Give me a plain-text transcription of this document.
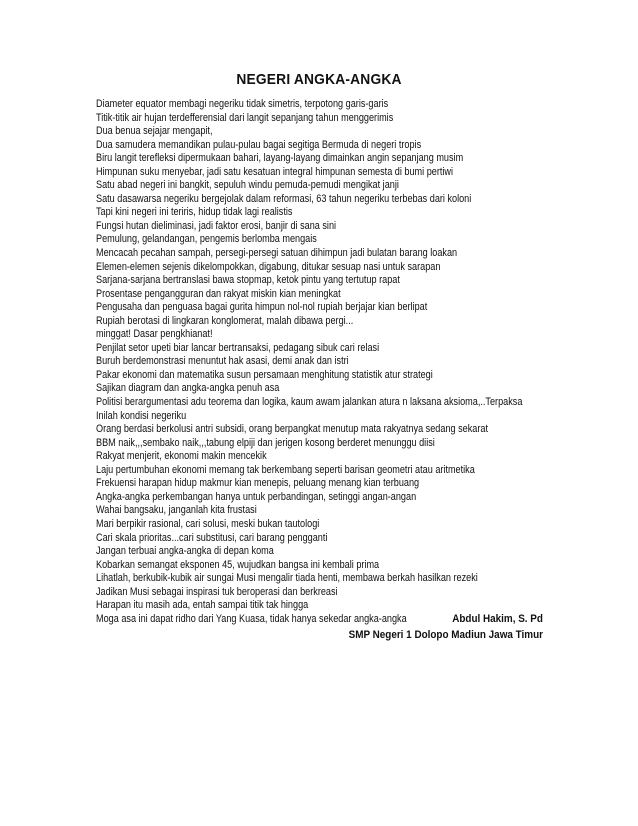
NEGERI ANGKA-ANGKA
Diameter equator membagi negeriku tidak simetris, terpotong garis-garis
Titik-titik air hujan terdefferensial dari langit sepanjang tahun menggerimis
Dua benua sejajar mengapit,
Dua samudera memandikan pulau-pulau bagai segitiga Bermuda di negeri tropis
Biru langit terefleksi dipermukaan bahari, layang-layang dimainkan angin sepanjang musim
Himpunan suku menyebar, jadi satu kesatuan integral himpunan semesta di bumi pertiwi
Satu abad negeri ini bangkit, sepuluh windu pemuda-pemudi mengikat janji
Satu dasawarsa negeriku bergejolak dalam reformasi, 63 tahun negeriku terbebas dari koloni
Tapi kini negeri ini teriris, hidup tidak lagi realistis
Fungsi hutan dieliminasi, jadi faktor erosi, banjir di sana sini
Pemulung, gelandangan, pengemis berlomba mengais
Mencacah pecahan sampah, persegi-persegi satuan dihimpun jadi bulatan barang loakan
Elemen-elemen sejenis dikelompokkan, digabung, ditukar sesuap nasi untuk sarapan
Sarjana-sarjana bertranslasi bawa stopmap, ketok pintu yang tertutup rapat
Prosentase pengangguran dan rakyat miskin kian meningkat
Pengusaha dan penguasa bagai gurita himpun nol-nol rupiah berjajar kian berlipat
Rupiah berotasi di lingkaran konglomerat, malah dibawa pergi...
minggat! Dasar pengkhianat!
Penjilat setor upeti biar lancar bertransaksi, pedagang sibuk cari relasi
Buruh berdemonstrasi menuntut hak asasi, demi anak dan istri
Pakar ekonomi dan matematika susun persamaan menghitung statistik atur strategi
Sajikan diagram dan angka-angka penuh asa
Politisi berargumentasi adu teorema dan logika, kaum awam jalankan atura n laksana aksioma,..Terpaksa
Inilah kondisi negeriku
Orang berdasi berkolusi antri subsidi, orang berpangkat menutup mata rakyatnya sedang sekarat
BBM naik,,,sembako naik,,,tabung elpiji dan jerigen kosong berderet menunggu diisi
Rakyat menjerit, ekonomi makin mencekik
Laju pertumbuhan ekonomi memang tak berkembang seperti barisan geometri atau aritmetika
Frekuensi harapan hidup makmur kian menepis, peluang menang kian terbuang
Angka-angka perkembangan hanya untuk perbandingan, setinggi angan-angan
Wahai bangsaku, janganlah kita frustasi
Mari berpikir rasional, cari solusi, meski bukan tautologi
Cari skala prioritas...cari substitusi, cari barang pengganti
Jangan terbuai angka-angka di depan koma
Kobarkan semangat eksponen 45, wujudkan bangsa ini kembali prima
Lihatlah, berkubik-kubik air sungai Musi mengalir tiada henti, membawa berkah hasilkan rezeki
Jadikan Musi sebagai inspirasi tuk beroperasi dan berkreasi
Harapan itu masih ada, entah sampai titik tak hingga
Moga asa ini dapat ridho dari Yang Kuasa, tidak hanya sekedar angka-angka	Abdul Hakim, S. Pd
SMP Negeri 1 Dolopo Madiun Jawa Timur
